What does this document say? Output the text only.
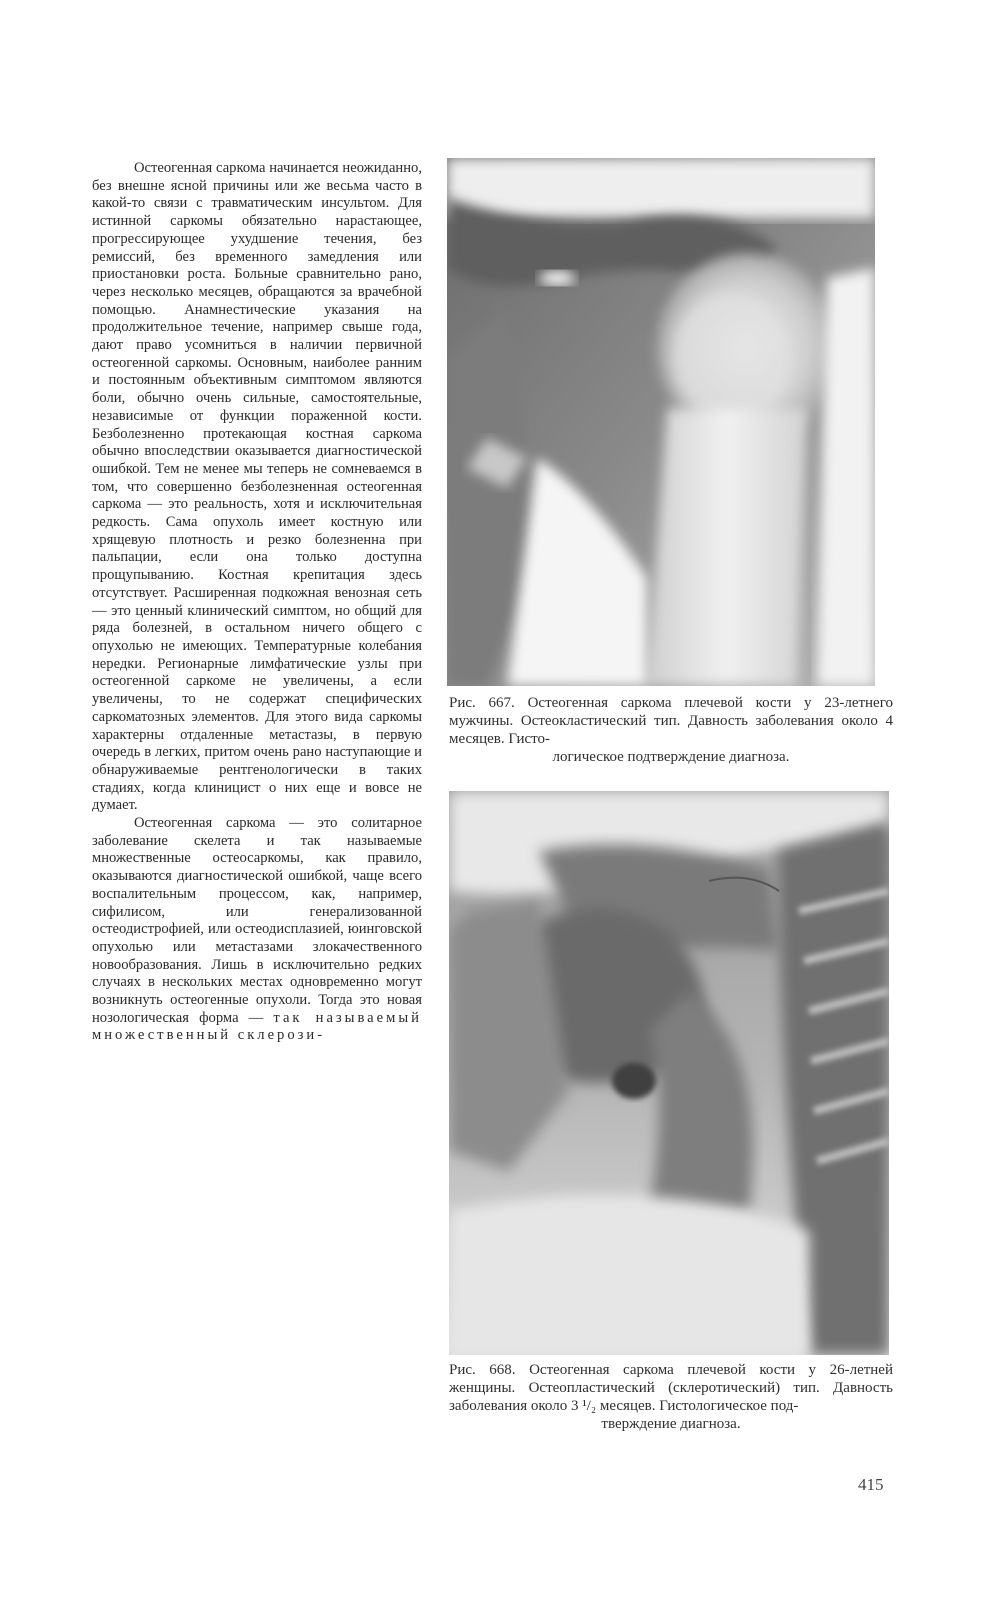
Остеогенная саркома начинается неожиданно, без внешне ясной причины или же весьма часто в какой-то связи с травматическим инсультом. Для истинной саркомы обязательно нарастающее, прогрессирующее ухудшение течения, без ремиссий, без временного замедления или приостановки роста. Больные сравнительно рано, через несколько месяцев, обращаются за врачебной помощью. Анамнестические указания на продолжительное течение, например свыше года, дают право усомниться в наличии первичной остеогенной саркомы. Основным, наиболее ранним и постоянным объективным симптомом являются боли, обычно очень сильные, самостоятельные, независимые от функции пораженной кости. Безболезненно протекающая костная саркома обычно впоследствии оказывается диагностической ошибкой. Тем не менее мы теперь не сомневаемся в том, что совершенно безболезненная остеогенная саркома — это реальность, хотя и исключительная редкость. Сама опухоль имеет костную или хрящевую плотность и резко болезненна при пальпации, если она только доступна прощупыванию. Костная крепитация здесь отсутствует. Расширенная подкожная венозная сеть — это ценный клинический симптом, но общий для ряда болезней, в остальном ничего общего с опухолью не имеющих. Температурные колебания нередки. Регионарные лимфатические узлы при остеогенной саркоме не увеличены, а если увеличены, то не содержат специфических саркоматозных элементов. Для этого вида саркомы характерны отдаленные метастазы, в первую очередь в легких, притом очень рано наступающие и обнаруживаемые рентгенологически в таких стадиях, когда клиницист о них еще и вовсе не думает.

Остеогенная саркома — это солитарное заболевание скелета и так называемые множественные остеосаркомы, как правило, оказываются диагностической ошибкой, чаще всего воспалительным процессом, как, например, сифилисом, или генерализованной остеодистрофией, или остеодисплазией, юинговской опухолью или метастазами злокачественного новообразования. Лишь в исключительно редких случаях в нескольких местах одновременно могут возникнуть остеогенные опухоли. Тогда это новая нозологическая форма — так называемый множественный склерози-

Рис. 667. Остеогенная саркома плечевой кости у 23-летнего мужчины. Остеокластический тип. Давность заболевания около 4 месяцев. Гисто-
логическое подтверждение диагноза.
Рис. 668. Остеогенная саркома плечевой кости у 26-летней женщины. Остеопластический (склеротический) тип. Давность заболевания около 3 ¹/₂ месяцев. Гистологическое под-
тверждение диагноза.
415
